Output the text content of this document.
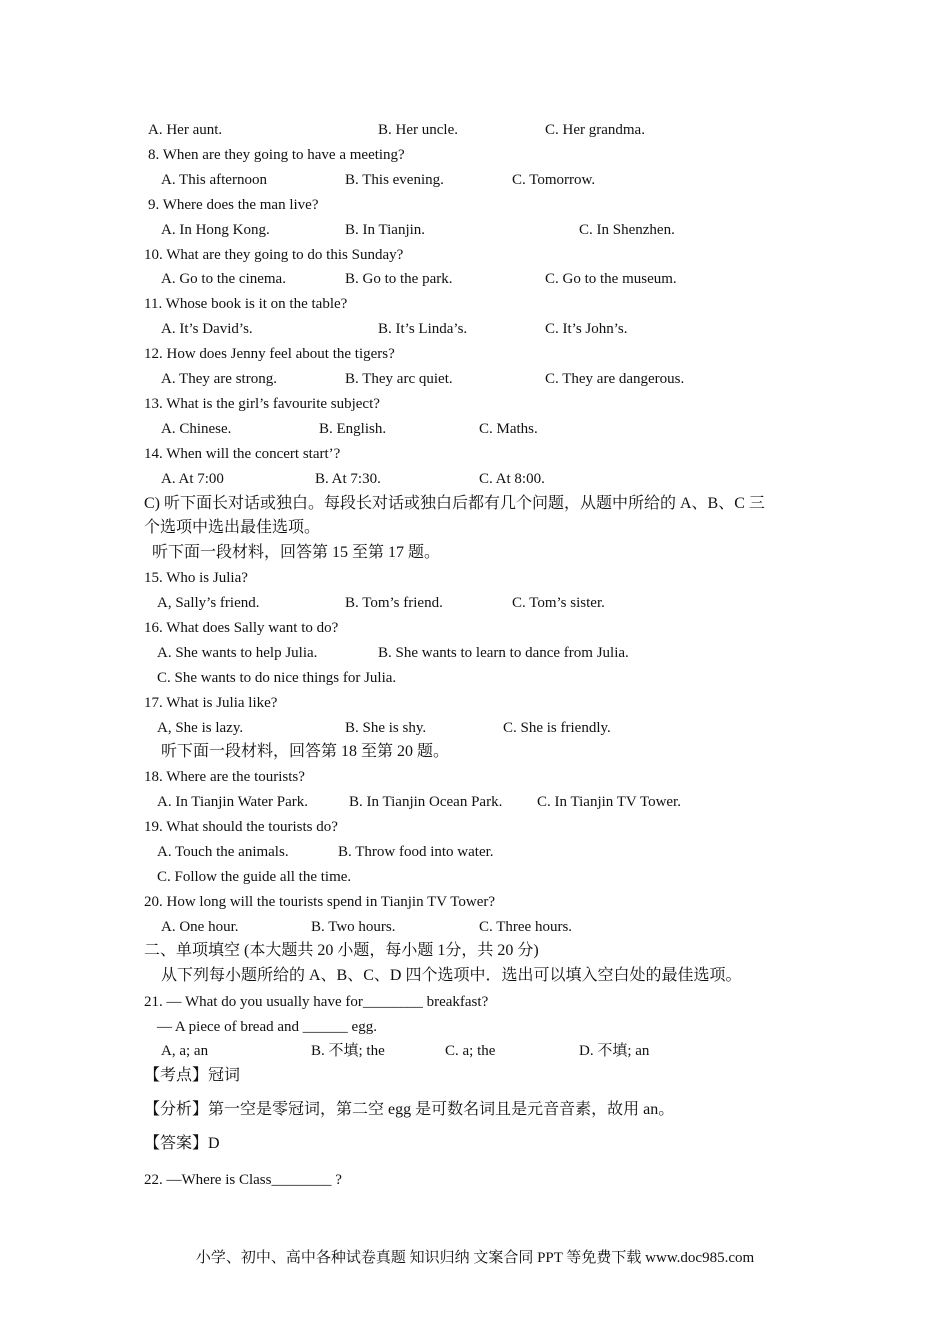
A. Her aunt.	B. Her uncle.	C. Her grandma.
8. When are they going to have a meeting?
A. This afternoon	B. This evening.	C. Tomorrow.
9. Where does the man live?
A. In Hong Kong.	B. In Tianjin.	C. In Shenzhen.
10. What are they going to do this Sunday?
A. Go to the cinema.	B. Go to the park.	C. Go to the museum.
11. Whose book is it on the table?
A. It’s David’s.	B. It’s Linda’s.	C. It’s John’s.
12. How does Jenny feel about the tigers?
A. They are strong.	B. They arc quiet.	C. They are dangerous.
13. What is the girl’s favourite subject?
A. Chinese.	B. English.	C. Maths.
14. When will the concert start’?
A. At 7:00	B. At 7:30.	C. At 8:00.
C) 听下面长对话或独白。每段长对话或独白后都有几个问题，从题中所给的 A、B、C 三
个选项中选出最佳选项。
听下面一段材料，回答第 15 至第 17 题。
15. Who is Julia?
A, Sally’s friend.	B. Tom’s friend.	C. Tom’s sister.
16. What does Sally want to do?
A. She wants to help Julia.	B. She wants to learn to dance from Julia.
C. She wants to do nice things for Julia.
17. What is Julia like?
A, She is lazy.	B. She is shy.	C. She is friendly.
听下面一段材料，回答第 18 至第 20 题。
18. Where are the tourists?
A. In Tianjin Water Park.	B. In Tianjin Ocean Park. C. In Tianjin TV Tower.
19. What should the tourists do?
A. Touch the animals.	B. Throw food into water.
C. Follow the guide all the time.
20. How long will the tourists spend in Tianjin TV Tower?
A. One hour.	B. Two hours.	C. Three hours.
二、单项填空 (本大题共 20 小题，每小题 1分，共 20 分)
从下列每小题所给的 A、B、C、D 四个选项中．选出可以填入空白处的最佳选项。
21. — What do you usually have for________ breakfast?
— A piece of bread and ______ egg.
A, a; an	B. 不填; the	C. a; the	D. 不填; an
【考点】冠词
【分析】第一空是零冠词，第二空 egg 是可数名词且是元音音素，故用 an。
【答案】D
22. —Where is Class________ ?
小学、初中、高中各种试卷真题 知识归纳 文案合同 PPT 等免费下载 www.doc985.com
